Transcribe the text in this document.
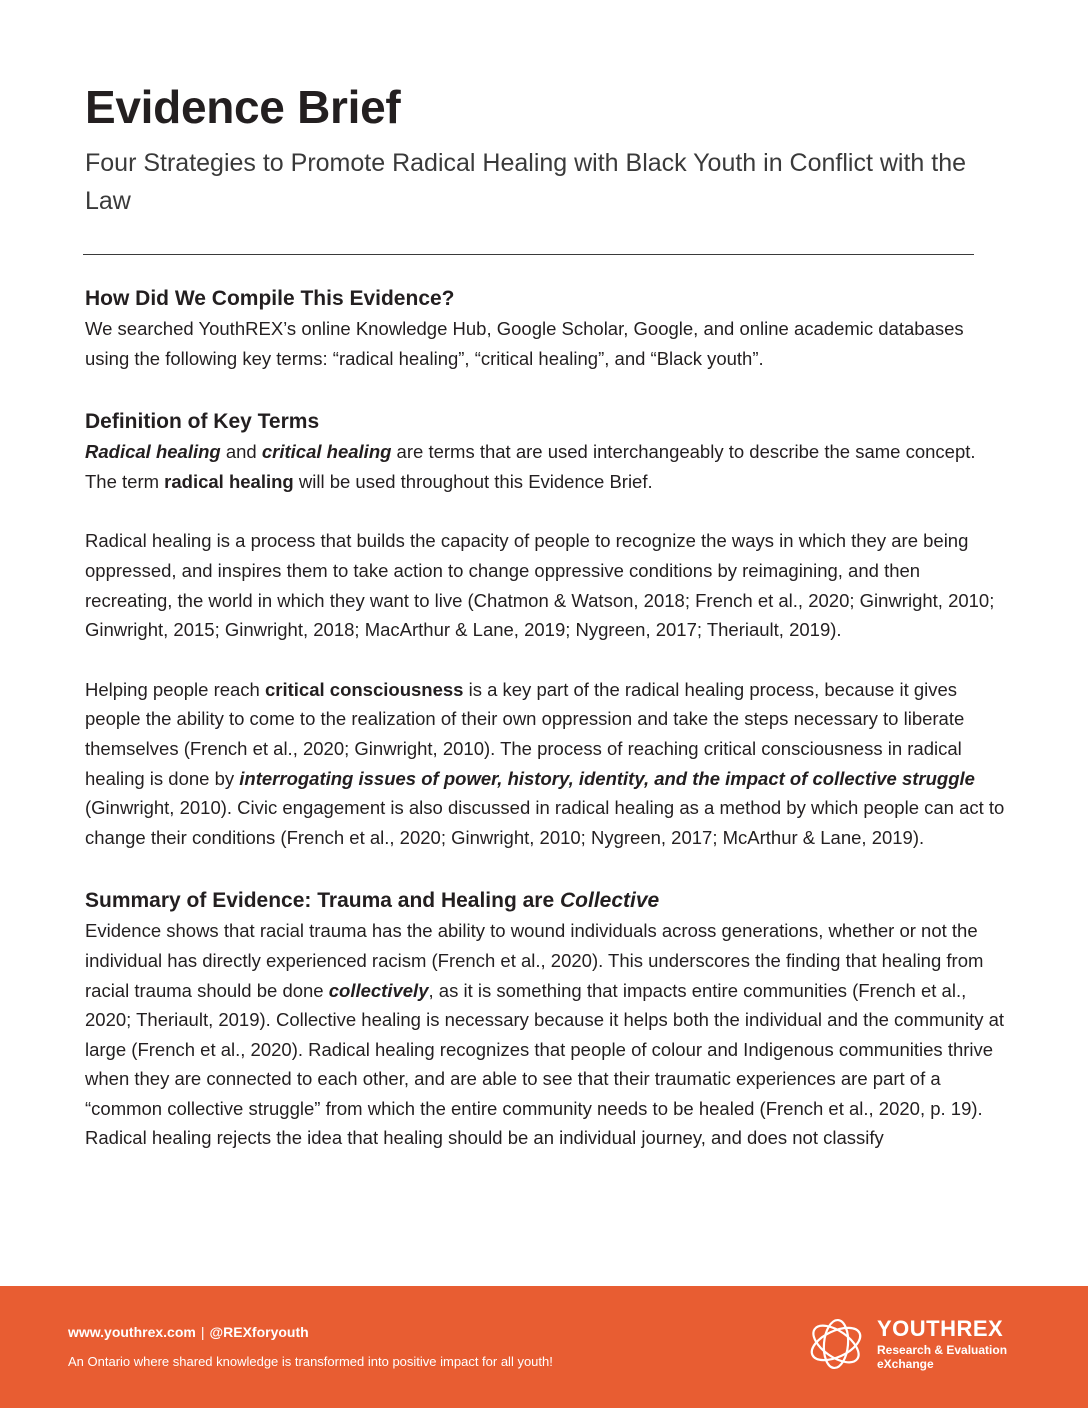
Evidence Brief

Four Strategies to Promote Radical Healing with Black Youth in Conflict with the Law

How Did We Compile This Evidence?

We searched YouthREX’s online Knowledge Hub, Google Scholar, Google, and online academic databases using the following key terms: “radical healing”, “critical healing”, and “Black youth”.

Definition of Key Terms

Radical healing and critical healing are terms that are used interchangeably to describe the same concept. The term radical healing will be used throughout this Evidence Brief.

Radical healing is a process that builds the capacity of people to recognize the ways in which they are being oppressed, and inspires them to take action to change oppressive conditions by reimagining, and then recreating, the world in which they want to live (Chatmon & Watson, 2018; French et al., 2020; Ginwright, 2010; Ginwright, 2015; Ginwright, 2018; MacArthur & Lane, 2019; Nygreen, 2017; Theriault, 2019).

Helping people reach critical consciousness is a key part of the radical healing process, because it gives people the ability to come to the realization of their own oppression and take the steps necessary to liberate themselves (French et al., 2020; Ginwright, 2010). The process of reaching critical consciousness in radical healing is done by interrogating issues of power, history, identity, and the impact of collective struggle (Ginwright, 2010). Civic engagement is also discussed in radical healing as a method by which people can act to change their conditions (French et al., 2020; Ginwright, 2010; Nygreen, 2017; McArthur & Lane, 2019).

Summary of Evidence: Trauma and Healing are Collective

Evidence shows that racial trauma has the ability to wound individuals across generations, whether or not the individual has directly experienced racism (French et al., 2020). This underscores the finding that healing from racial trauma should be done collectively, as it is something that impacts entire communities (French et al., 2020; Theriault, 2019). Collective healing is necessary because it helps both the individual and the community at large (French et al., 2020). Radical healing recognizes that people of colour and Indigenous communities thrive when they are connected to each other, and are able to see that their traumatic experiences are part of a “common collective struggle” from which the entire community needs to be healed (French et al., 2020, p. 19). Radical healing rejects the idea that healing should be an individual journey, and does not classify

www.youthrex.com | @REXforyouth
An Ontario where shared knowledge is transformed into positive impact for all youth!
YOUTHREX
Research & Evaluation eXchange
